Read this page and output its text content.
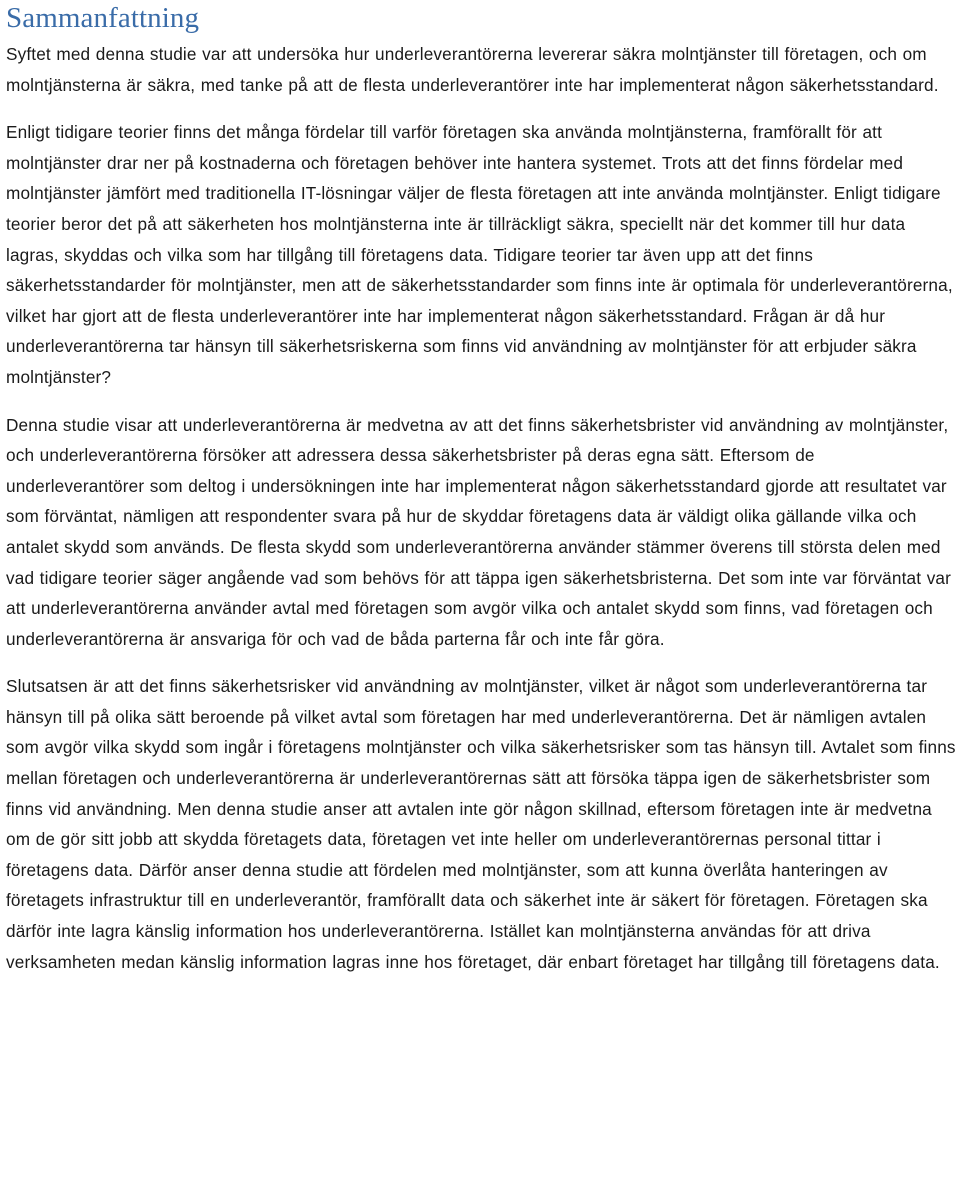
Sammanfattning

Syftet med denna studie var att undersöka hur underleverantörerna levererar säkra molntjänster till företagen, och om molntjänsterna är säkra, med tanke på att de flesta underleverantörer inte har implementerat någon säkerhetsstandard.

Enligt tidigare teorier finns det många fördelar till varför företagen ska använda molntjänsterna, framförallt för att molntjänster drar ner på kostnaderna och företagen behöver inte hantera systemet. Trots att det finns fördelar med molntjänster jämfört med traditionella IT-lösningar väljer de flesta företagen att inte använda molntjänster. Enligt tidigare teorier beror det på att säkerheten hos molntjänsterna inte är tillräckligt säkra, speciellt när det kommer till hur data lagras, skyddas och vilka som har tillgång till företagens data. Tidigare teorier tar även upp att det finns säkerhetsstandarder för molntjänster, men att de säkerhetsstandarder som finns inte är optimala för underleverantörerna, vilket har gjort att de flesta underleverantörer inte har implementerat någon säkerhetsstandard. Frågan är då hur underleverantörerna tar hänsyn till säkerhetsriskerna som finns vid användning av molntjänster för att erbjuder säkra molntjänster?

Denna studie visar att underleverantörerna är medvetna av att det finns säkerhetsbrister vid användning av molntjänster, och underleverantörerna försöker att adressera dessa säkerhetsbrister på deras egna sätt. Eftersom de underleverantörer som deltog i undersökningen inte har implementerat någon säkerhetsstandard gjorde att resultatet var som förväntat, nämligen att respondenter svara på hur de skyddar företagens data är väldigt olika gällande vilka och antalet skydd som används. De flesta skydd som underleverantörerna använder stämmer överens till största delen med vad tidigare teorier säger angående vad som behövs för att täppa igen säkerhetsbristerna. Det som inte var förväntat var att underleverantörerna använder avtal med företagen som avgör vilka och antalet skydd som finns, vad företagen och underleverantörerna är ansvariga för och vad de båda parterna får och inte får göra.

Slutsatsen är att det finns säkerhetsrisker vid användning av molntjänster, vilket är något som underleverantörerna tar hänsyn till på olika sätt beroende på vilket avtal som företagen har med underleverantörerna. Det är nämligen avtalen som avgör vilka skydd som ingår i företagens molntjänster och vilka säkerhetsrisker som tas hänsyn till. Avtalet som finns mellan företagen och underleverantörerna är underleverantörernas sätt att försöka täppa igen de säkerhetsbrister som finns vid användning. Men denna studie anser att avtalen inte gör någon skillnad, eftersom företagen inte är medvetna om de gör sitt jobb att skydda företagets data, företagen vet inte heller om underleverantörernas personal tittar i företagens data. Därför anser denna studie att fördelen med molntjänster, som att kunna överlåta hanteringen av företagets infrastruktur till en underleverantör, framförallt data och säkerhet inte är säkert för företagen. Företagen ska därför inte lagra känslig information hos underleverantörerna. Istället kan molntjänsterna användas för att driva verksamheten medan känslig information lagras inne hos företaget, där enbart företaget har tillgång till företagens data.
